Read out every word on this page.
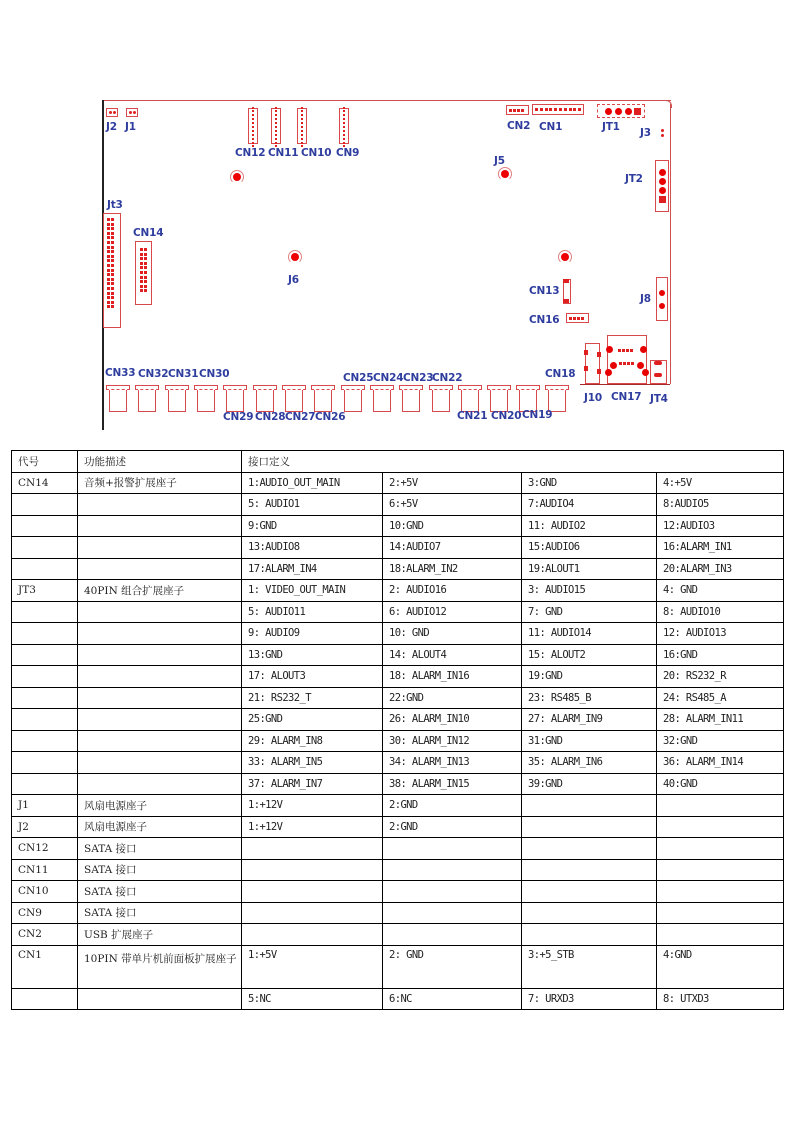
J2 J1
CN12 CN11 CN10 CN9
CN2 CN1	JT1 J3
J5
J6
JT2
Jt3
CN14
CN13
CN16
J8
J10 CN17 JT4
CN33 CN32 CN31 CN30
CN29 CN28 CN27 CN26
CN25 CN24 CN23
CN22
CN21 CN20 CN19
CN18
代号	功能描述	接口定义			
CN14	音频+报警扩展座子	1:AUDIO_OUT_MAIN	2:+5V	3:GND	4:+5V
		5: AUDIO1	6:+5V	7:AUDIO4	8:AUDIO5
		9:GND	10:GND	11: AUDIO2	12:AUDIO3
		13:AUDIO8	14:AUDIO7	15:AUDIO6	16:ALARM_IN1
		17:ALARM_IN4	18:ALARM_IN2	19:ALOUT1	20:ALARM_IN3
JT3	40PIN 组合扩展座子	1: VIDEO_OUT_MAIN	2: AUDIO16	3: AUDIO15	4: GND
		5: AUDIO11	6: AUDIO12	7: GND	8: AUDIO10
		9: AUDIO9	10: GND	11: AUDIO14	12: AUDIO13
		13:GND	14: ALOUT4	15: ALOUT2	16:GND
		17: ALOUT3	18: ALARM_IN16	19:GND	20: RS232_R
		21: RS232_T	22:GND	23: RS485_B	24: RS485_A
		25:GND	26: ALARM_IN10	27: ALARM_IN9	28: ALARM_IN11
		29: ALARM_IN8	30: ALARM_IN12	31:GND	32:GND
		33: ALARM_IN5	34: ALARM_IN13	35: ALARM_IN6	36: ALARM_IN14
		37: ALARM_IN7	38: ALARM_IN15	39:GND	40:GND
J1	风扇电源座子	1:+12V	2:GND		
J2	风扇电源座子	1:+12V	2:GND		
CN12	SATA 接口				
CN11	SATA 接口				
CN10	SATA 接口				
CN9	SATA 接口				
CN2	USB 扩展座子				
CN1	10PIN 带单片机前面板扩展座子	1:+5V	2: GND	3:+5_STB	4:GND
		5:NC	6:NC	7: URXD3	8: UTXD3
